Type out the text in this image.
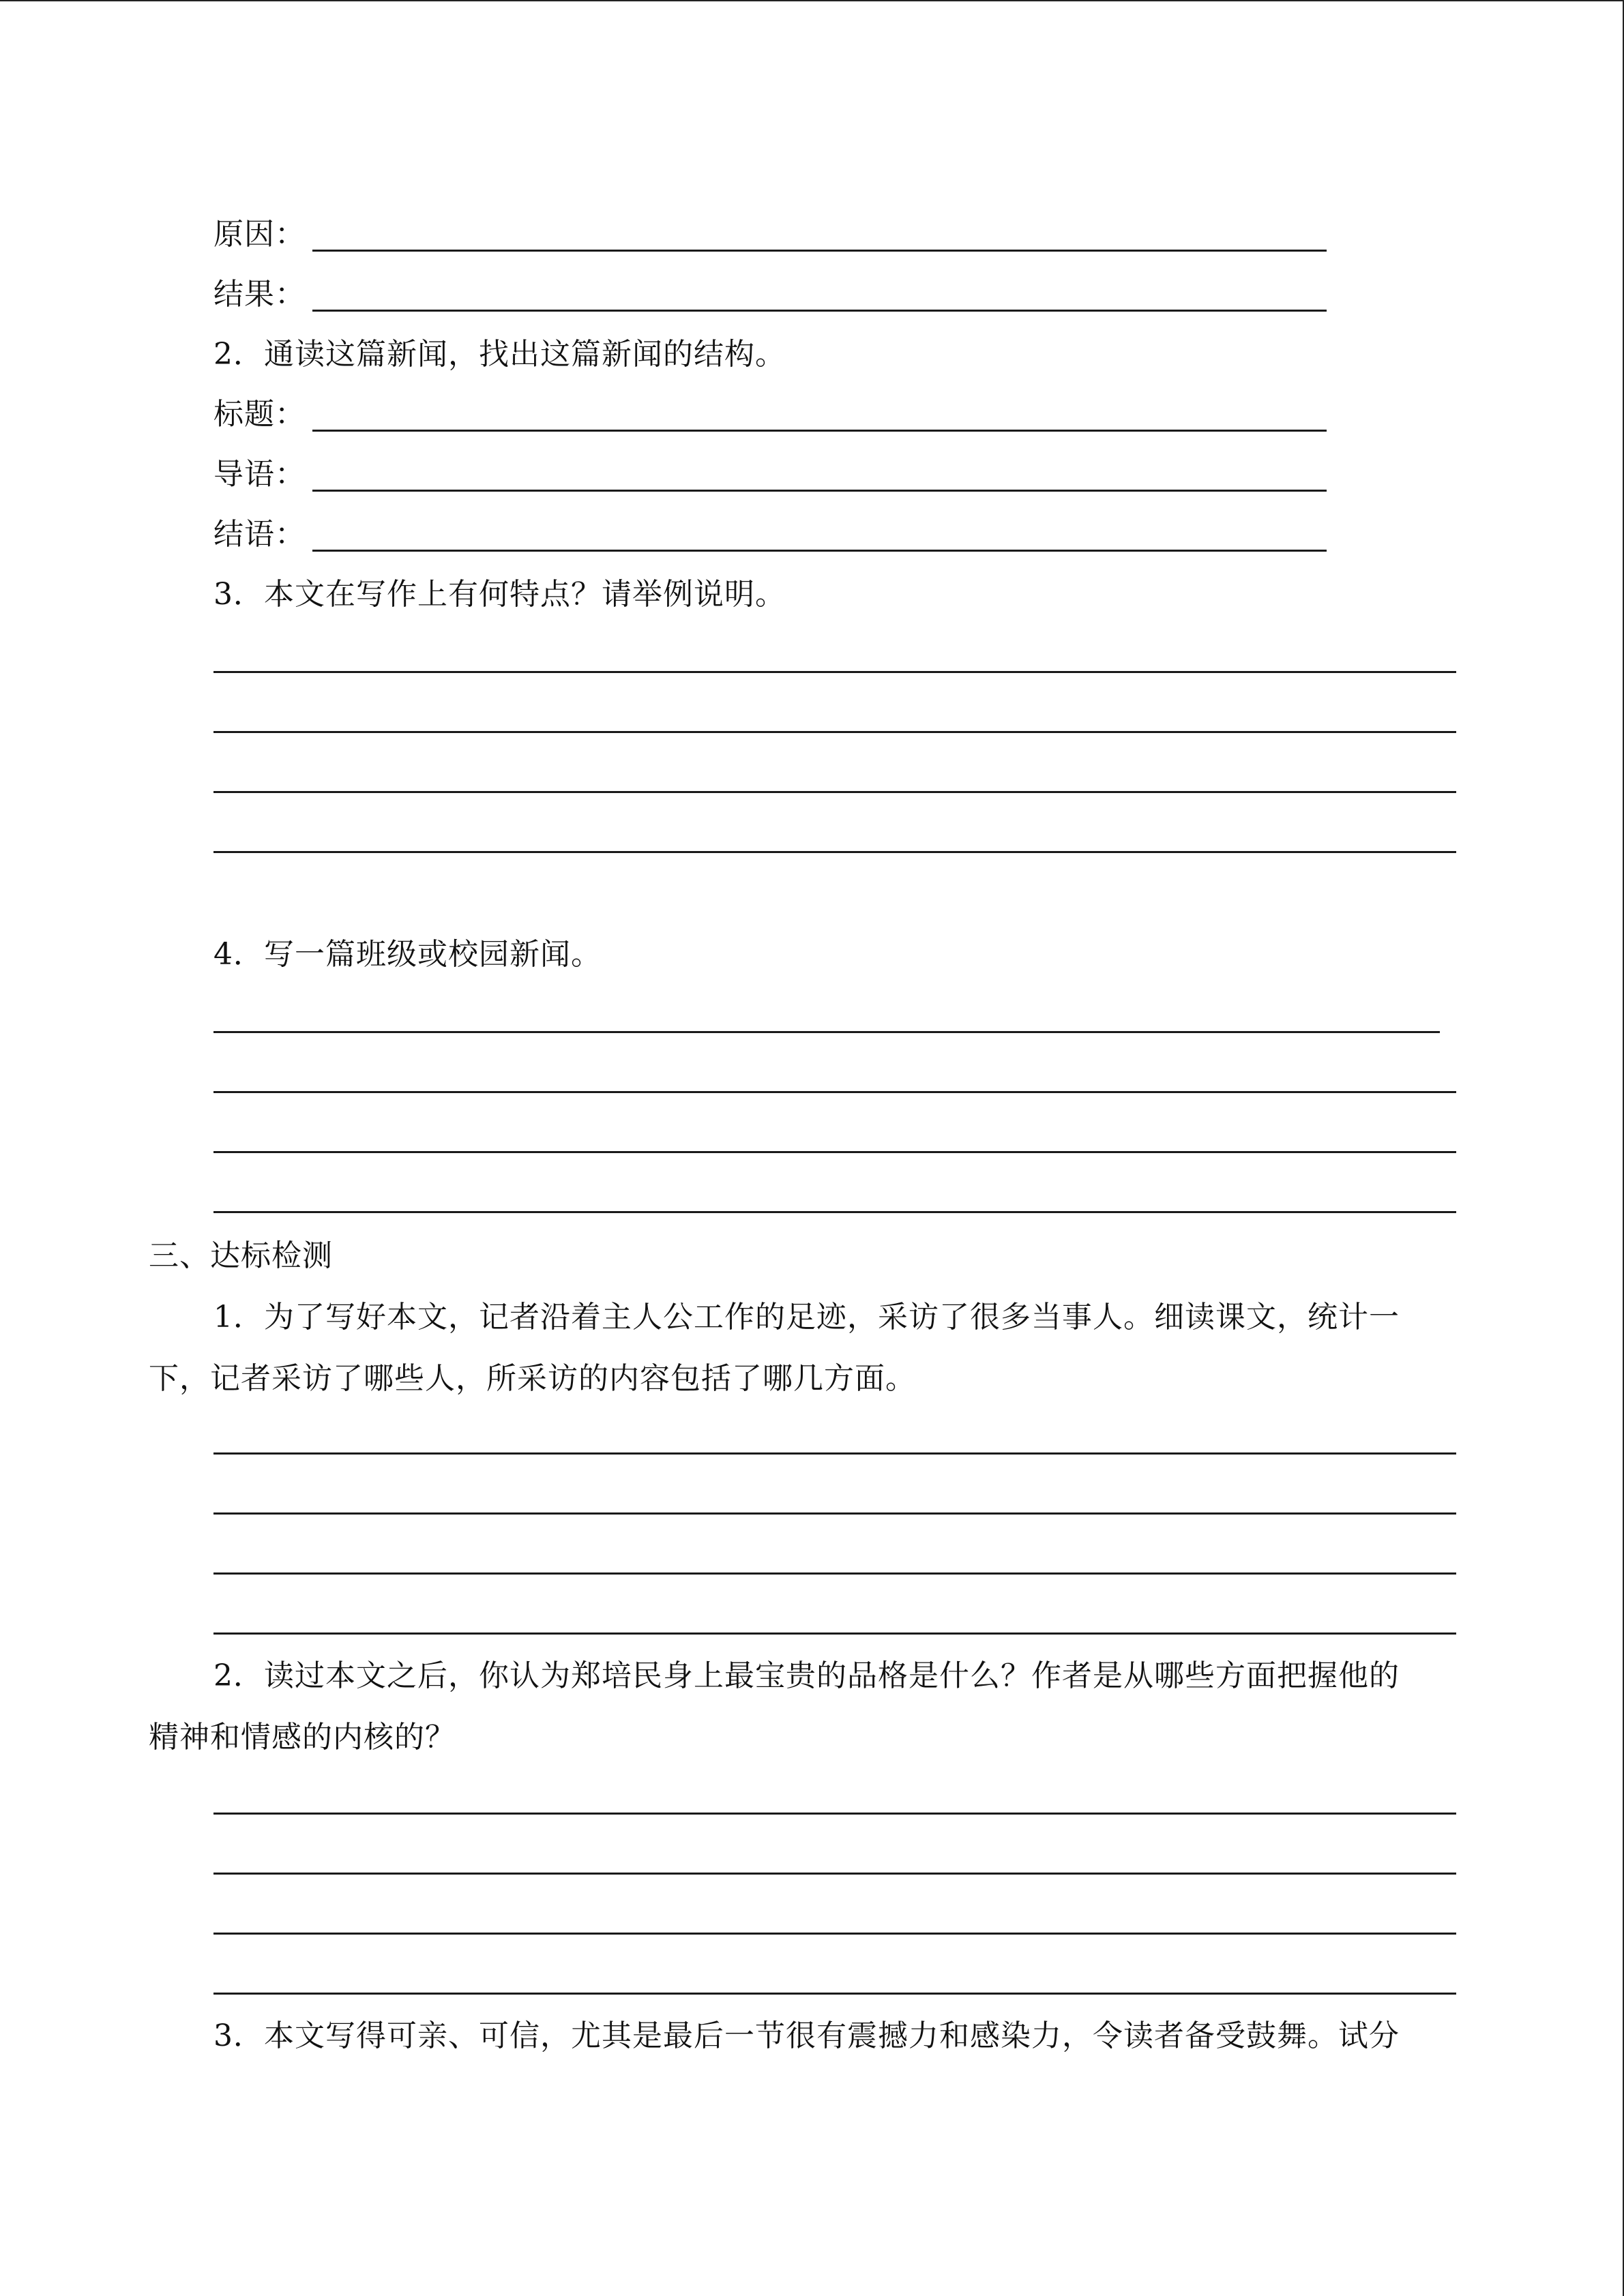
原因：
结果：
2．通读这篇新闻，找出这篇新闻的结构。
标题：
导语：
结语：
3．本文在写作上有何特点？请举例说明。
4．写一篇班级或校园新闻。
三、达标检测
1．为了写好本文，记者沿着主人公工作的足迹，采访了很多当事人。细读课文，统计一
下，记者采访了哪些人，所采访的内容包括了哪几方面。
2．读过本文之后，你认为郑培民身上最宝贵的品格是什么？作者是从哪些方面把握他的
精神和情感的内核的？
3．本文写得可亲、可信，尤其是最后一节很有震撼力和感染力，令读者备受鼓舞。试分
